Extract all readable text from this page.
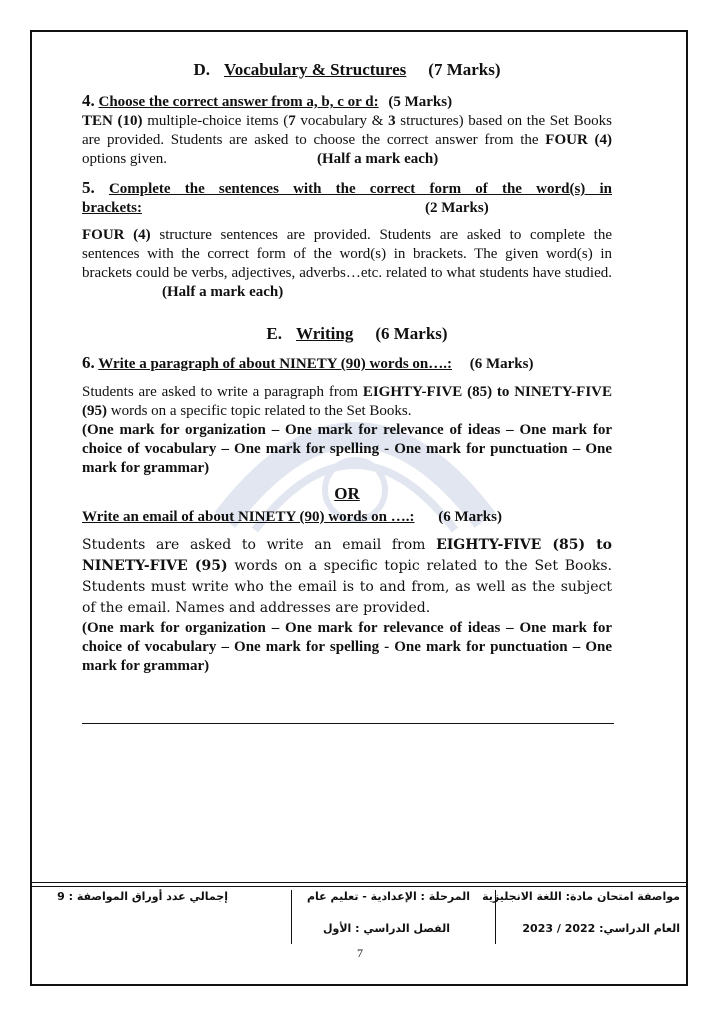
D. Vocabulary & Structures (7 Marks)
4. Choose the correct answer from a, b, c or d: (5 Marks)
TEN (10) multiple-choice items (7 vocabulary & 3 structures) based on the Set Books are provided. Students are asked to choose the correct answer from the FOUR (4) options given.	(Half a mark each)
5. Complete the sentences with the correct form of the word(s) in
brackets:	(2 Marks)
FOUR (4) structure sentences are provided. Students are asked to complete the sentences with the correct form of the word(s) in brackets. The given word(s) in brackets could be verbs, adjectives, adverbs…etc. related to what students have studied.(Half a mark each)
E. Writing (6 Marks)
6. Write a paragraph of about NINETY (90) words on….: (6 Marks)
Students are asked to write a paragraph from EIGHTY-FIVE (85) to NINETY-FIVE (95) words on a specific topic related to the Set Books.
(One mark for organization – One mark for relevance of ideas – One mark for choice of vocabulary – One mark for spelling - One mark for punctuation – One mark for grammar)
OR
Write an email of about NINETY (90) words on ….: (6 Marks)
Students are asked to write an email from EIGHTY-FIVE (85) to NINETY-FIVE (95) words on a specific topic related to the Set Books. Students must write who the email is to and from, as well as the subject of the email. Names and addresses are provided.
(One mark for organization – One mark for relevance of ideas – One mark for choice of vocabulary – One mark for spelling - One mark for punctuation – One mark for grammar)
مواصفة امتحان مادة: اللغة الانجليزية
العام الدراسي: 2022 / 2023
المرحلة : الإعدادية - تعليم عام
الفصل الدراسي : الأول
إجمالي عدد أوراق المواصفة : 9
7
